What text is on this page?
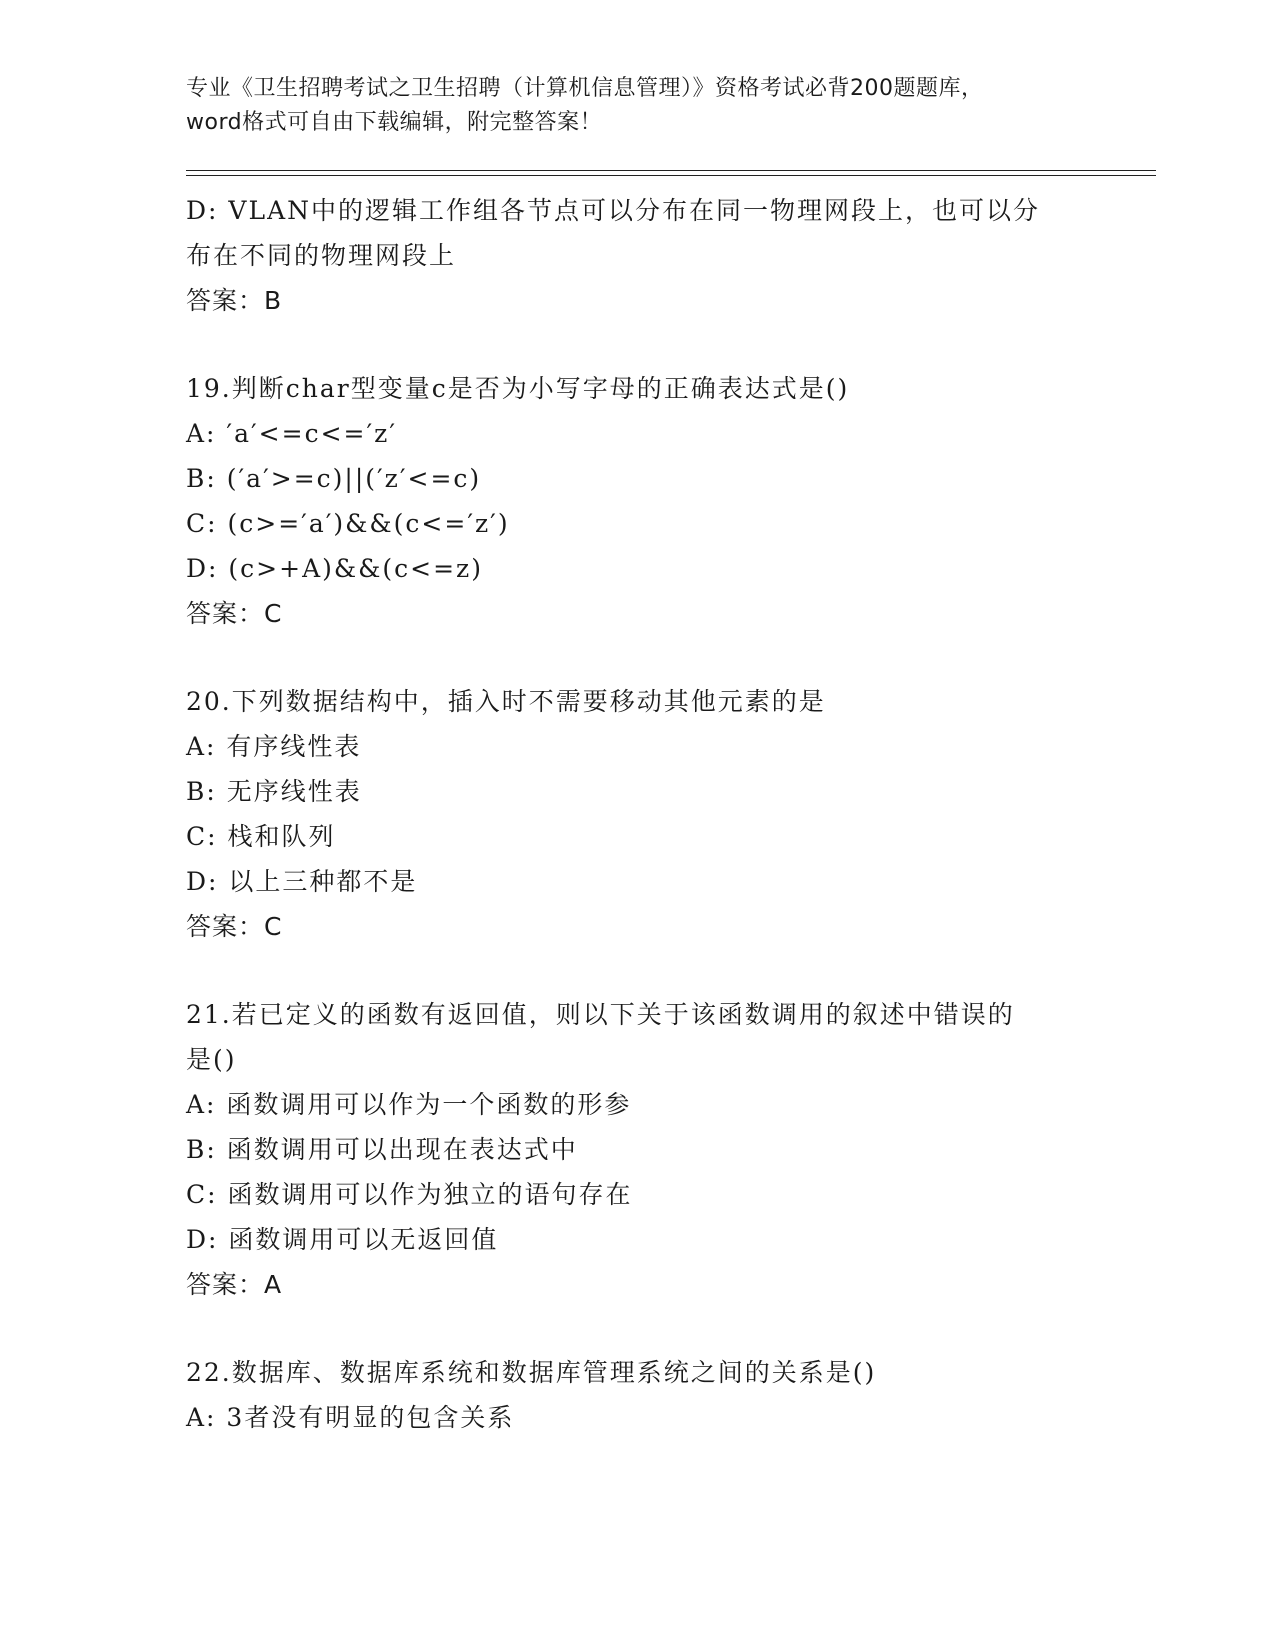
专业《卫生招聘考试之卫生招聘（计算机信息管理）》资格考试必背200题题库，
word格式可自由下载编辑，附完整答案！
D: VLAN中的逻辑工作组各节点可以分布在同一物理网段上，也可以分
布在不同的物理网段上
答案：B
19.判断char型变量c是否为小写字母的正确表达式是()
A: ′a′<=c<=′z′
B: (′a′>=c)||(′z′<=c)
C: (c>=′a′)&&(c<=′z′)
D: (c>+A)&&(c<=z)
答案：C
20.下列数据结构中，插入时不需要移动其他元素的是
A: 有序线性表
B: 无序线性表
C: 栈和队列
D: 以上三种都不是
答案：C
21.若已定义的函数有返回值，则以下关于该函数调用的叙述中错误的
是()
A: 函数调用可以作为一个函数的形参
B: 函数调用可以出现在表达式中
C: 函数调用可以作为独立的语句存在
D: 函数调用可以无返回值
答案：A
22.数据库、数据库系统和数据库管理系统之间的关系是()
A: 3者没有明显的包含关系
